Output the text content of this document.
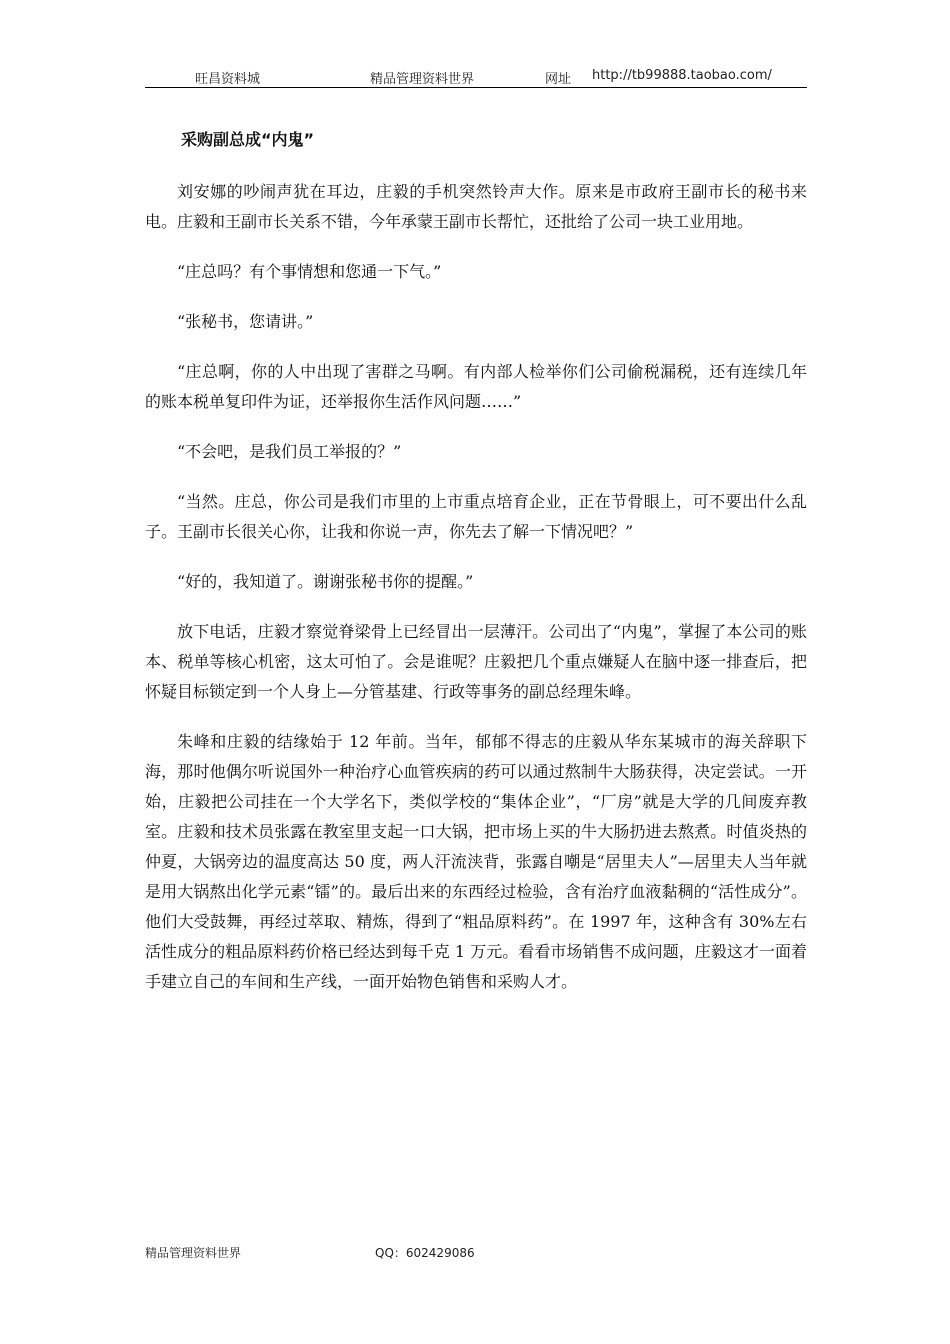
旺昌资料城	精品管理资料世界	网址 http://tb99888.taobao.com/
采购副总成“内鬼”

刘安娜的吵闹声犹在耳边，庄毅的手机突然铃声大作。原来是市政府王副市长的秘书来电。庄毅和王副市长关系不错，今年承蒙王副市长帮忙，还批给了公司一块工业用地。

“庄总吗？有个事情想和您通一下气。”

“张秘书，您请讲。”

“庄总啊，你的人中出现了害群之马啊。有内部人检举你们公司偷税漏税，还有连续几年的账本税单复印件为证，还举报你生活作风问题……”

“不会吧，是我们员工举报的？”

“当然。庄总，你公司是我们市里的上市重点培育企业，正在节骨眼上，可不要出什么乱子。王副市长很关心你，让我和你说一声，你先去了解一下情况吧？”

“好的，我知道了。谢谢张秘书你的提醒。”

放下电话，庄毅才察觉脊梁骨上已经冒出一层薄汗。公司出了“内鬼”，掌握了本公司的账本、税单等核心机密，这太可怕了。会是谁呢？庄毅把几个重点嫌疑人在脑中逐一排查后，把怀疑目标锁定到一个人身上—分管基建、行政等事务的副总经理朱峰。

朱峰和庄毅的结缘始于 12 年前。当年，郁郁不得志的庄毅从华东某城市的海关辞职下海，那时他偶尔听说国外一种治疗心血管疾病的药可以通过熬制牛大肠获得，决定尝试。一开始，庄毅把公司挂在一个大学名下，类似学校的“集体企业”，“厂房”就是大学的几间废弃教室。庄毅和技术员张露在教室里支起一口大锅，把市场上买的牛大肠扔进去熬煮。时值炎热的仲夏，大锅旁边的温度高达 50 度，两人汗流浃背，张露自嘲是“居里夫人”—居里夫人当年就是用大锅熬出化学元素“镭”的。最后出来的东西经过检验，含有治疗血液黏稠的“活性成分”。他们大受鼓舞，再经过萃取、精炼，得到了“粗品原料药”。在 1997 年，这种含有 30%左右活性成分的粗品原料药价格已经达到每千克 1 万元。看看市场销售不成问题，庄毅这才一面着手建立自己的车间和生产线，一面开始物色销售和采购人才。

精品管理资料世界	QQ：602429086
